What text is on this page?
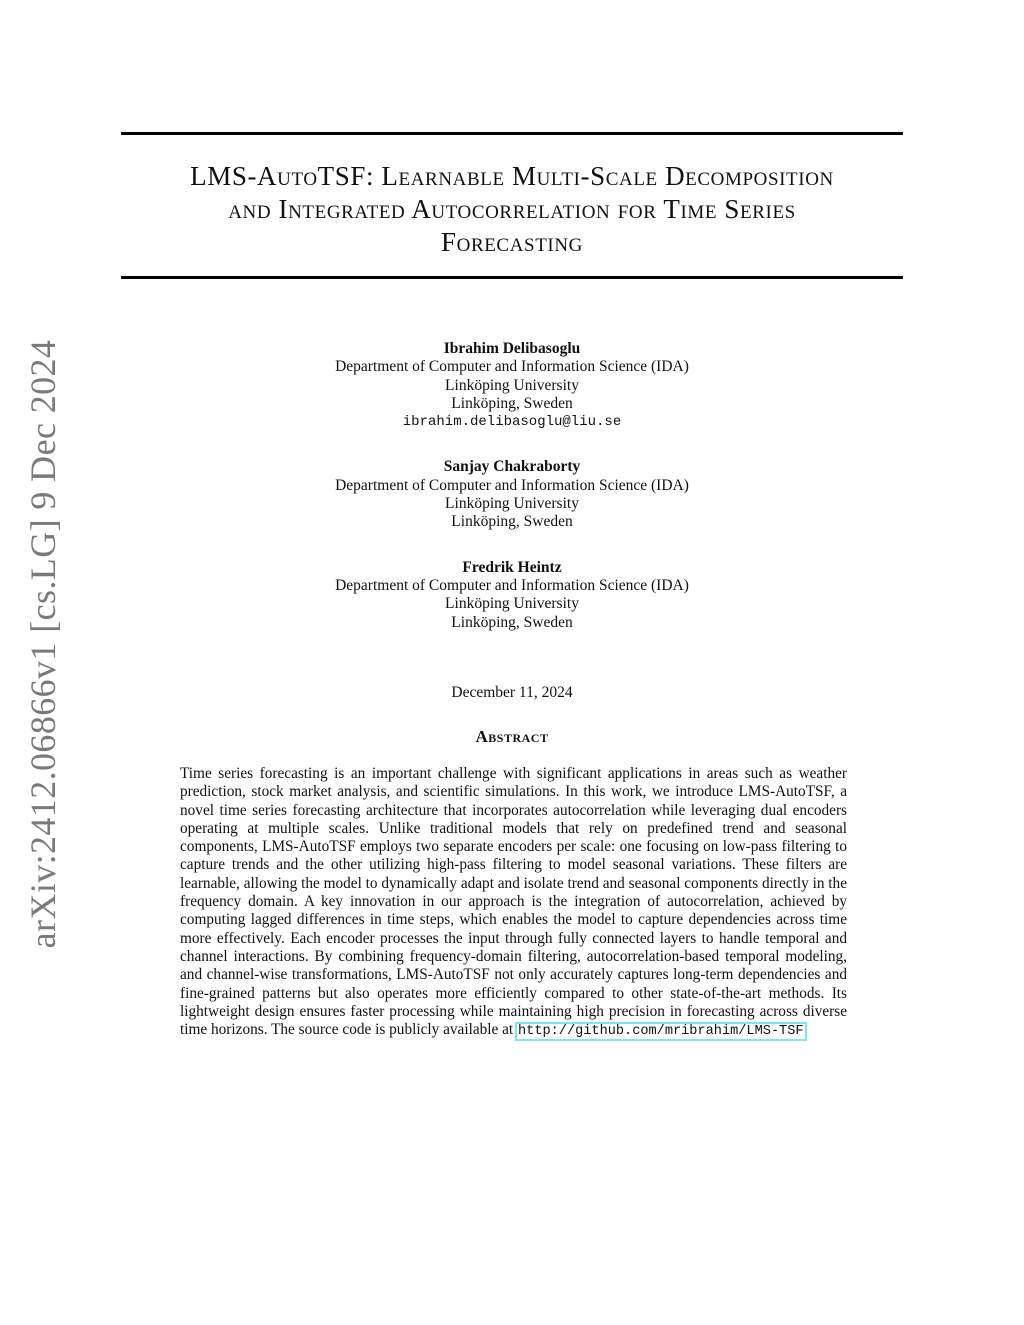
arXiv:2412.06866v1 [cs.LG] 9 Dec 2024
LMS-AutoTSF: Learnable Multi-Scale Decomposition
and Integrated Autocorrelation for Time Series
Forecasting
Ibrahim Delibasoglu
Department of Computer and Information Science (IDA)
Linköping University
Linköping, Sweden
ibrahim.delibasoglu@liu.se
Sanjay Chakraborty
Department of Computer and Information Science (IDA)
Linköping University
Linköping, Sweden
Fredrik Heintz
Department of Computer and Information Science (IDA)
Linköping University
Linköping, Sweden
December 11, 2024
Abstract
Time series forecasting is an important challenge with significant applications in areas such as weather prediction, stock market analysis, and scientific simulations. In this work, we introduce LMS-AutoTSF, a novel time series forecasting architecture that incorporates autocorrelation while leveraging dual encoders operating at multiple scales. Unlike traditional models that rely on predefined trend and seasonal components, LMS-AutoTSF employs two separate encoders per scale: one focusing on low-pass filtering to capture trends and the other utilizing high-pass filtering to model seasonal variations. These filters are learnable, allowing the model to dynamically adapt and isolate trend and seasonal components directly in the frequency domain. A key innovation in our approach is the integration of autocorrelation, achieved by computing lagged differences in time steps, which enables the model to capture dependencies across time more effectively. Each encoder processes the input through fully connected layers to handle temporal and channel interactions. By combining frequency-domain filtering, autocorrelation-based temporal modeling, and channel-wise transformations, LMS-AutoTSF not only accurately captures long-term dependencies and fine-grained patterns but also operates more efficiently compared to other state-of-the-art methods. Its lightweight design ensures faster processing while maintaining high precision in forecasting across diverse time horizons. The source code is publicly available at http://github.com/mribrahim/LMS-TSF
